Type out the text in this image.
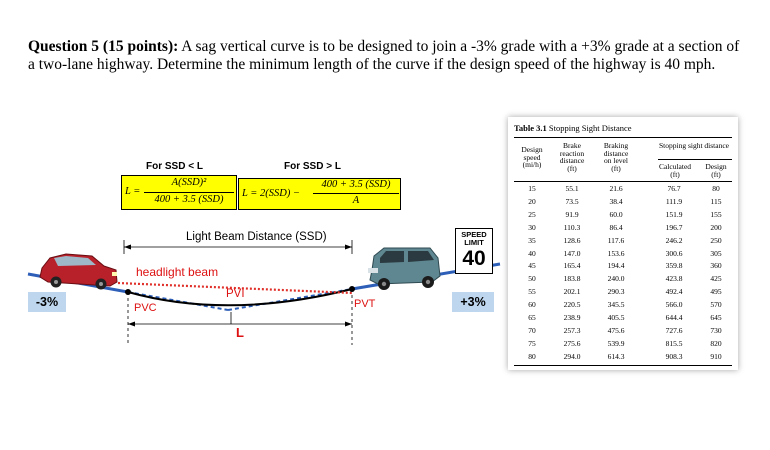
Question 5 (15 points): A sag vertical curve is to be designed to join a -3% grade with a +3% grade at a section of a two-lane highway. Determine the minimum length of the curve if the design speed of the highway is 40 mph.
For SSD < L	For SSD > L
L =
A(SSD)²
400 + 3.5 (SSD)
L = 2(SSD) −
400 + 3.5 (SSD)
A
Light Beam Distance (SSD)
headlight beam
PVI
PVC	PVT
L
-3%	+3%
SPEED
LIMIT
40
Table 3.1 Stopping Sight Distance
Stopping sight distance
Design
speed
(mi/h)
Brake
reaction
distance
(ft)
Braking
distance
on level
(ft)	Calculated
(ft)
Design
(ft)
15	55.1	21.6	76.7	80
20	73.5	38.4	111.9	115
25	91.9	60.0	151.9	155
30	110.3	86.4	196.7	200
35	128.6	117.6	246.2	250
40	147.0	153.6	300.6	305
45	165.4	194.4	359.8	360
50	183.8	240.0	423.8	425
55	202.1	290.3	492.4	495
60	220.5	345.5	566.0	570
65	238.9	405.5	644.4	645
70	257.3	475.6	727.6	730
75	275.6	539.9	815.5	820
80	294.0	614.3	908.3	910
